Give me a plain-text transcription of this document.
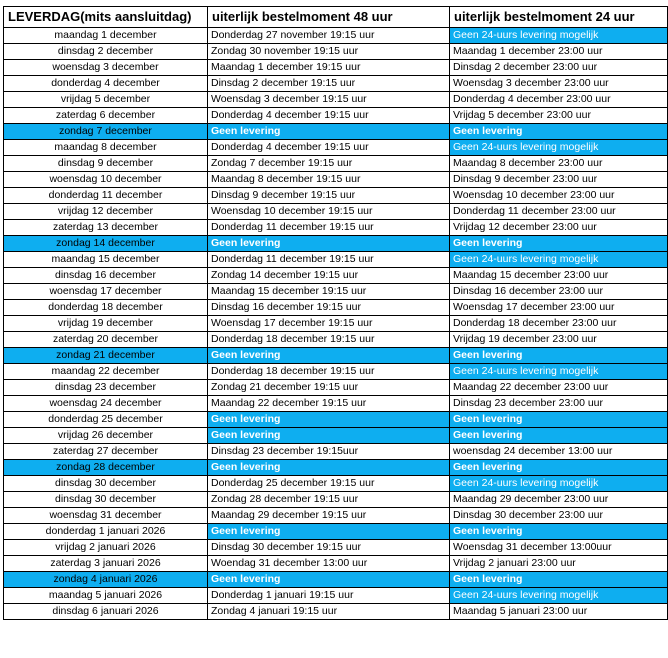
LEVERDAG(mits aansluitdag)	uiterlijk bestelmoment 48 uur	uiterlijk bestelmoment 24 uur
maandag 1 december	Donderdag 27 november 19:15 uur	Geen 24-uurs levering mogelijk
dinsdag 2 december	Zondag 30 november 19:15 uur	Maandag 1 december 23:00 uur
woensdag 3 december	Maandag 1 december 19:15 uur	Dinsdag 2 december 23:00 uur
donderdag 4 december	Dinsdag 2 december 19:15 uur	Woensdag 3 december 23:00 uur
vrijdag 5 december	Woensdag 3 december 19:15 uur	Donderdag 4 december 23:00 uur
zaterdag 6 december	Donderdag 4 december 19:15 uur	Vrijdag 5 december 23:00 uur
zondag 7 december	Geen levering	Geen levering
maandag 8 december	Donderdag 4 december 19:15 uur	Geen 24-uurs levering mogelijk
dinsdag 9 december	Zondag 7 december 19:15 uur	Maandag 8 december 23:00 uur
woensdag 10 december	Maandag 8 december 19:15 uur	Dinsdag 9 december 23:00 uur
donderdag 11 december	Dinsdag 9 december 19:15 uur	Woensdag 10 december 23:00 uur
vrijdag 12 december	Woensdag 10 december 19:15 uur	Donderdag 11 december 23:00 uur
zaterdag 13 december	Donderdag 11 december 19:15 uur	Vrijdag 12 december 23:00 uur
zondag 14 december	Geen levering	Geen levering
maandag 15 december	Donderdag 11 december 19:15 uur	Geen 24-uurs levering mogelijk
dinsdag 16 december	Zondag 14 december 19:15 uur	Maandag 15 december 23:00 uur
woensdag 17 december	Maandag 15 december 19:15 uur	Dinsdag 16 december 23:00 uur
donderdag 18 december	Dinsdag 16 december 19:15 uur	Woensdag 17 december 23:00 uur
vrijdag 19 december	Woensdag 17 december 19:15 uur	Donderdag 18 december 23:00 uur
zaterdag 20 december	Donderdag 18 december 19:15 uur	Vrijdag 19 december 23:00 uur
zondag 21 december	Geen levering	Geen levering
maandag 22 december	Donderdag 18 december 19:15 uur	Geen 24-uurs levering mogelijk
dinsdag 23 december	Zondag 21 december 19:15 uur	Maandag 22 december 23:00 uur
woensdag 24 december	Maandag 22 december 19:15 uur	Dinsdag 23 december 23:00 uur
donderdag 25 december	Geen levering	Geen levering
vrijdag 26 december	Geen levering	Geen levering
zaterdag 27 december	Dinsdag 23 december 19:15uur	woensdag 24 december 13:00 uur
zondag 28 december	Geen levering	Geen levering
dinsdag 30 december	Donderdag 25 december 19:15 uur	Geen 24-uurs levering mogelijk
dinsdag 30 december	Zondag 28 december 19:15 uur	Maandag 29 december 23:00 uur
woensdag 31 december	Maandag 29 december 19:15 uur	Dinsdag 30 december 23:00 uur
donderdag 1 januari 2026	Geen levering	Geen levering
vrijdag 2 januari 2026	Dinsdag 30 december 19:15 uur	Woensdag 31 december 13:00uur
zaterdag 3 januari 2026	Woendag 31 december 13:00 uur	Vrijdag 2 januari 23:00 uur
zondag 4 januari 2026	Geen levering	Geen levering
maandag 5 januari 2026	Donderdag 1 januari 19:15 uur	Geen 24-uurs levering mogelijk
dinsdag 6 januari 2026	Zondag 4 januari 19:15 uur	Maandag 5 januari 23:00 uur
